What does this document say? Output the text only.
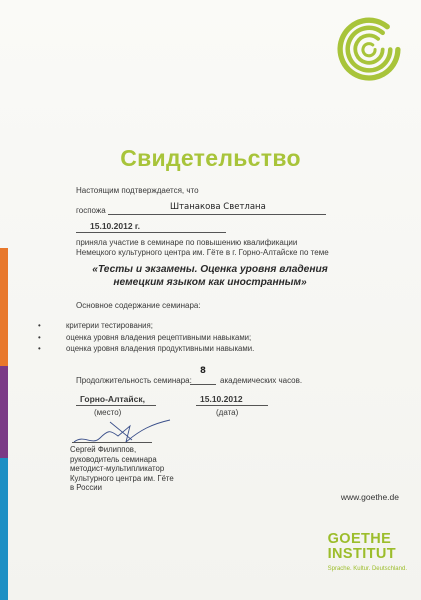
Свидетельство
Настоящим подтверждается, что
госпожа	Штанакова Светлана
15.10.2012 г.
приняла участие в семинаре по повышению квалификации
Немецкого культурного центра им. Гёте в г. Горно-Алтайске по теме
«Тесты и экзамены. Оценка уровня владения
немецким языком как иностранным»
Основное содержание семинара:
• критерии тестирования;
• оценка уровня владения рецептивными навыками;
• оценка уровня владения продуктивными навыками.
Продолжительность семинара:
8
академических часов.
Горно-Алтайск,
(место)
15.10.2012
(дата)
Сергей Филиппов,
руководитель семинара
методист-мультипликатор
Культурного центра им. Гёте
в России
www.goethe.de
GOETHE
INSTITUT
Sprache. Kultur. Deutschland.
